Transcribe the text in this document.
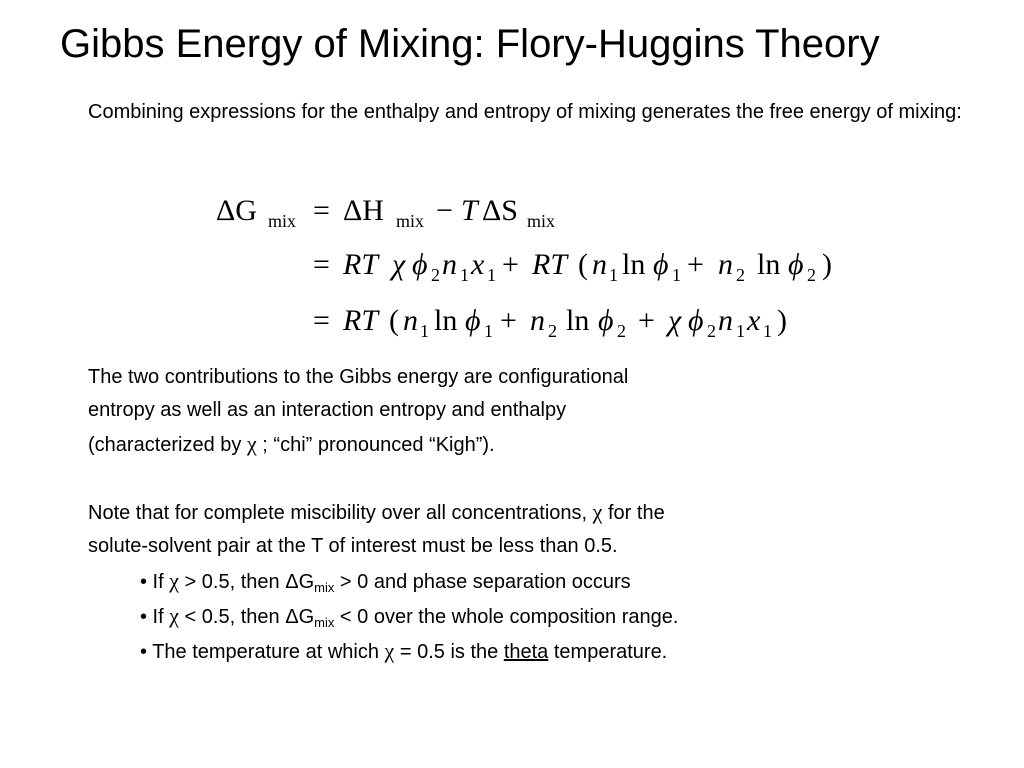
Gibbs Energy of Mixing: Flory-Huggins Theory
Combining expressions for the enthalpy and entropy of mixing generates the free energy of mixing:
ΔG mix = ΔH mix − T ΔS mix
= RT χ ϕ 2 n 1 x 1 + RT ( n 1 ln ϕ 1 + n 2 ln ϕ 2 )
= RT ( n 1 ln ϕ 1 + n 2 ln ϕ 2 + χ ϕ 2 n 1 x 1 )
The two contributions to the Gibbs energy are configurational
entropy as well as an interaction entropy and enthalpy
(characterized by χ ; “chi” pronounced “Kigh”).
Note that for complete miscibility over all concentrations, χ for the
solute-solvent pair at the T of interest must be less than 0.5.
• If χ > 0.5, then $\Delta G_{mix} > 0$ and phase separation occurs
• If χ < 0.5, then $\Delta G_{mix} < 0$ over the whole composition range.
• The temperature at which χ = 0.5 is the theta temperature.
